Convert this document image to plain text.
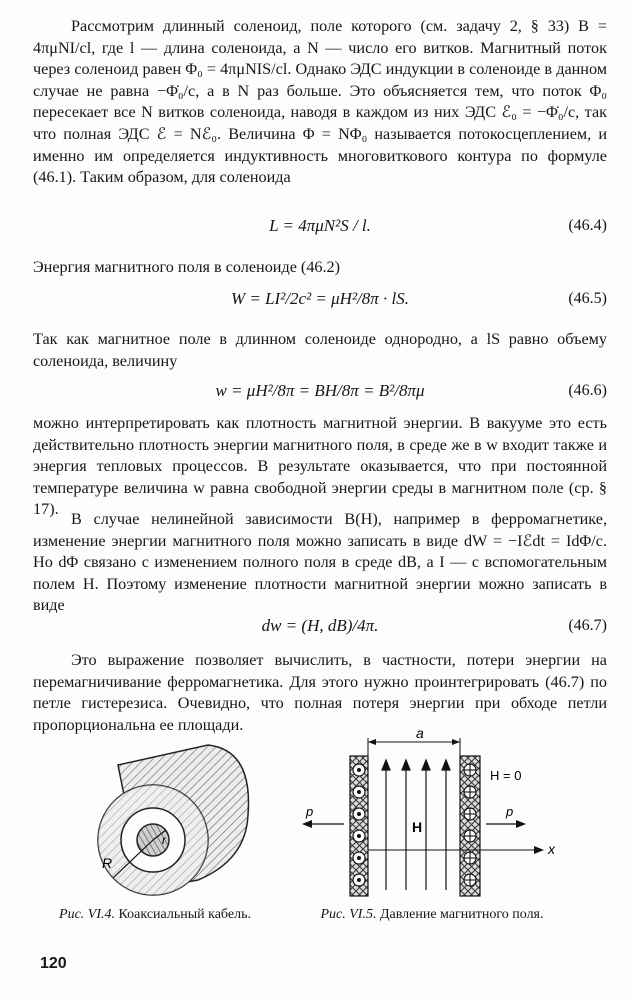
Рассмотрим длинный соленоид, поле которого (см. задачу 2, § 33) B = 4πμNI/cl, где l — длина соленоида, а N — число его витков. Магнитный поток через соленоид равен Φ₀ = 4πμNIS/cl. Однако ЭДС индукции в соленоиде в данном случае не равна −Φ̇₀/c, а в N раз больше. Это объясняется тем, что поток Φ₀ пересекает все N витков соленоида, наводя в каждом из них ЭДС ℰ₀ = −Φ̇₀/c, так что полная ЭДС ℰ = Nℰ₀. Величина Φ = NΦ₀ называется потокосцеплением, и именно им определяется индуктивность многовиткового контура по формуле (46.1). Таким образом, для соленоида

L = 4πμN²S / l.	(46.4)

Энергия магнитного поля в соленоиде (46.2)

W = LI²/2c² = μH²/8π · lS.	(46.5)

Так как магнитное поле в длинном соленоиде однородно, а lS равно объему соленоида, величину

w = μH²/8π = BH/8π = B²/8πμ	(46.6)

можно интерпретировать как плотность магнитной энергии. В вакууме это есть действительно плотность энергии магнитного поля, в среде же в w входит также и энергия тепловых процессов. В результате оказывается, что при постоянной температуре величина w равна свободной энергии среды в магнитном поле (ср. § 17).

В случае нелинейной зависимости B(H), например в ферромагнетике, изменение энергии магнитного поля можно записать в виде dW = −Iℰdt = IdΦ/c. Но dΦ связано с изменением полного поля в среде dB, а I — с вспомогательным полем H. Поэтому изменение плотности магнитной энергии можно записать в виде

dw = (H, dB)/4π.	(46.7)

Это выражение позволяет вычислить, в частности, потери энергии на перемагничивание ферромагнетика. Для этого нужно проинтегрировать (46.7) по петле гистерезиса. Очевидно, что полная потеря энергии при обходе петли пропорциональна ее площади.

R
r
Рис. VI.4. Коаксиальный кабель.
a
H = 0
H
p	p
x
Рис. VI.5. Давление магнитного поля.
120
